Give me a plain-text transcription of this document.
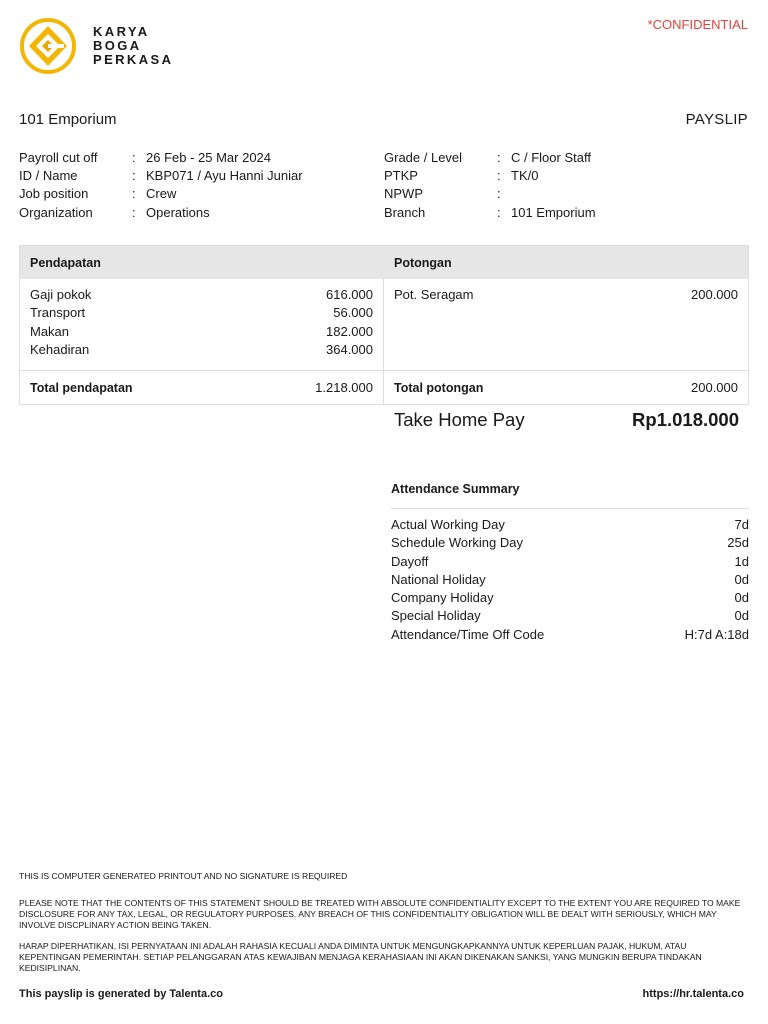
KARYA
BOGA
PERKASA
*CONFIDENTIAL
101 Emporium	PAYSLIP
Payroll cut off	: 26 Feb - 25 Mar 2024
ID / Name	: KBP071 / Ayu Hanni Juniar
Job position	: Crew
Organization	: Operations
Grade / Level	: C / Floor Staff
PTKP	: TK/0
NPWP	:
Branch	: 101 Emporium
Pendapatan	Potongan
Gaji pokok	616.000
Transport	56.000
Makan	182.000
Kehadiran	364.000
Pot. Seragam	200.000
Total pendapatan	1.218.000 Total potongan	200.000
Take Home Pay	Rp1.018.000
Attendance Summary
Actual Working Day	7d
Schedule Working Day	25d
Dayoff	1d
National Holiday	0d
Company Holiday	0d
Special Holiday	0d
Attendance/Time Off Code	H:7d A:18d
THIS IS COMPUTER GENERATED PRINTOUT AND NO SIGNATURE IS REQUIRED
PLEASE NOTE THAT THE CONTENTS OF THIS STATEMENT SHOULD BE TREATED WITH ABSOLUTE CONFIDENTIALITY EXCEPT TO THE EXTENT YOU ARE REQUIRED TO MAKE DISCLOSURE FOR ANY TAX, LEGAL, OR REGULATORY PURPOSES. ANY BREACH OF THIS CONFIDENTIALITY OBLIGATION WILL BE DEALT WITH SERIOUSLY, WHICH MAY INVOLVE DISCPLINARY ACTION BEING TAKEN.
HARAP DIPERHATIKAN, ISI PERNYATAAN INI ADALAH RAHASIA KECUALI ANDA DIMINTA UNTUK MENGUNGKAPKANNYA UNTUK KEPERLUAN PAJAK, HUKUM, ATAU KEPENTINGAN PEMERINTAH. SETIAP PELANGGARAN ATAS KEWAJIBAN MENJAGA KERAHASIAAN INI AKAN DIKENAKAN SANKSI, YANG MUNGKIN BERUPA TINDAKAN KEDISIPLINAN.
This payslip is generated by Talenta.co	https://hr.talenta.co
